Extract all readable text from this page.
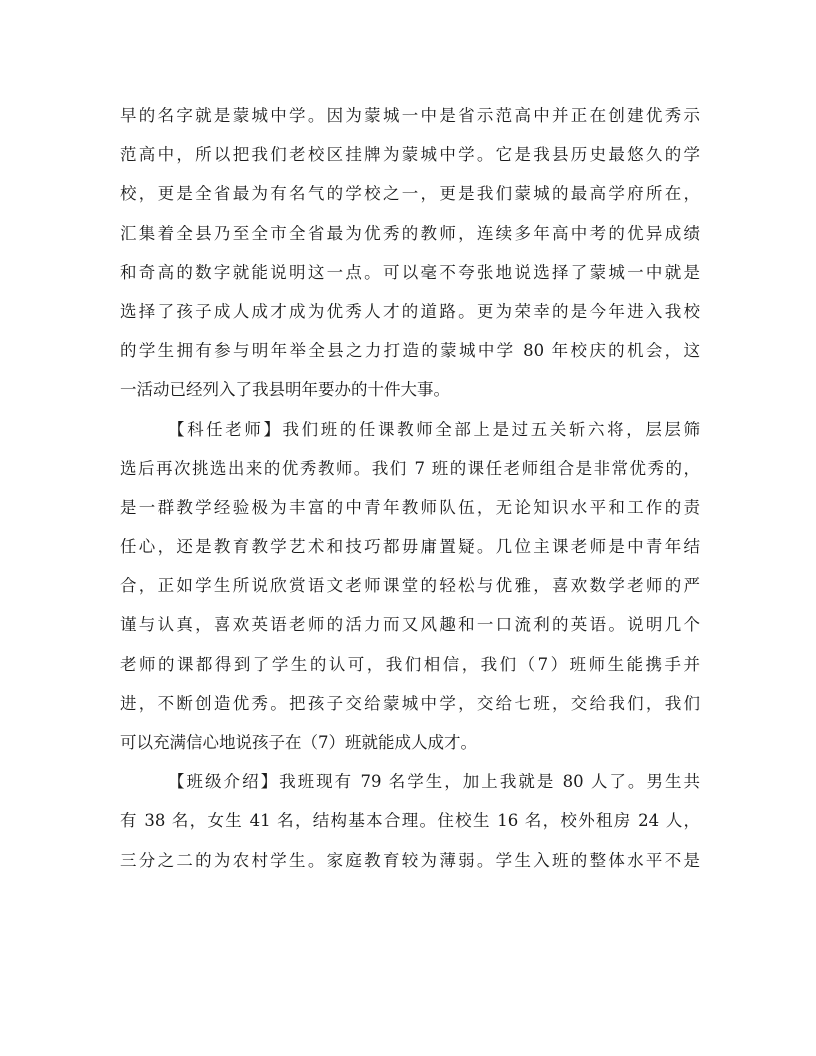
早的名字就是蒙城中学。因为蒙城一中是省示范高中并正在创建优秀示
范高中，所以把我们老校区挂牌为蒙城中学。它是我县历史最悠久的学
校，更是全省最为有名气的学校之一，更是我们蒙城的最高学府所在，
汇集着全县乃至全市全省最为优秀的教师，连续多年高中考的优异成绩
和奇高的数字就能说明这一点。可以毫不夸张地说选择了蒙城一中就是
选择了孩子成人成才成为优秀人才的道路。更为荣幸的是今年进入我校
的学生拥有参与明年举全县之力打造的蒙城中学 80 年校庆的机会，这
一活动已经列入了我县明年要办的十件大事。
【科任老师】我们班的任课教师全部上是过五关斩六将，层层筛
选后再次挑选出来的优秀教师。我们 7 班的课任老师组合是非常优秀的，
是一群教学经验极为丰富的中青年教师队伍，无论知识水平和工作的责
任心，还是教育教学艺术和技巧都毋庸置疑。几位主课老师是中青年结
合，正如学生所说欣赏语文老师课堂的轻松与优雅，喜欢数学老师的严
谨与认真，喜欢英语老师的活力而又风趣和一口流利的英语。说明几个
老师的课都得到了学生的认可，我们相信，我们（7）班师生能携手并
进，不断创造优秀。把孩子交给蒙城中学，交给七班，交给我们，我们
可以充满信心地说孩子在（7）班就能成人成才。
【班级介绍】我班现有 79 名学生，加上我就是 80 人了。男生共
有 38 名，女生 41 名，结构基本合理。住校生 16 名，校外租房 24 人，
三分之二的为农村学生。家庭教育较为薄弱。学生入班的整体水平不是
